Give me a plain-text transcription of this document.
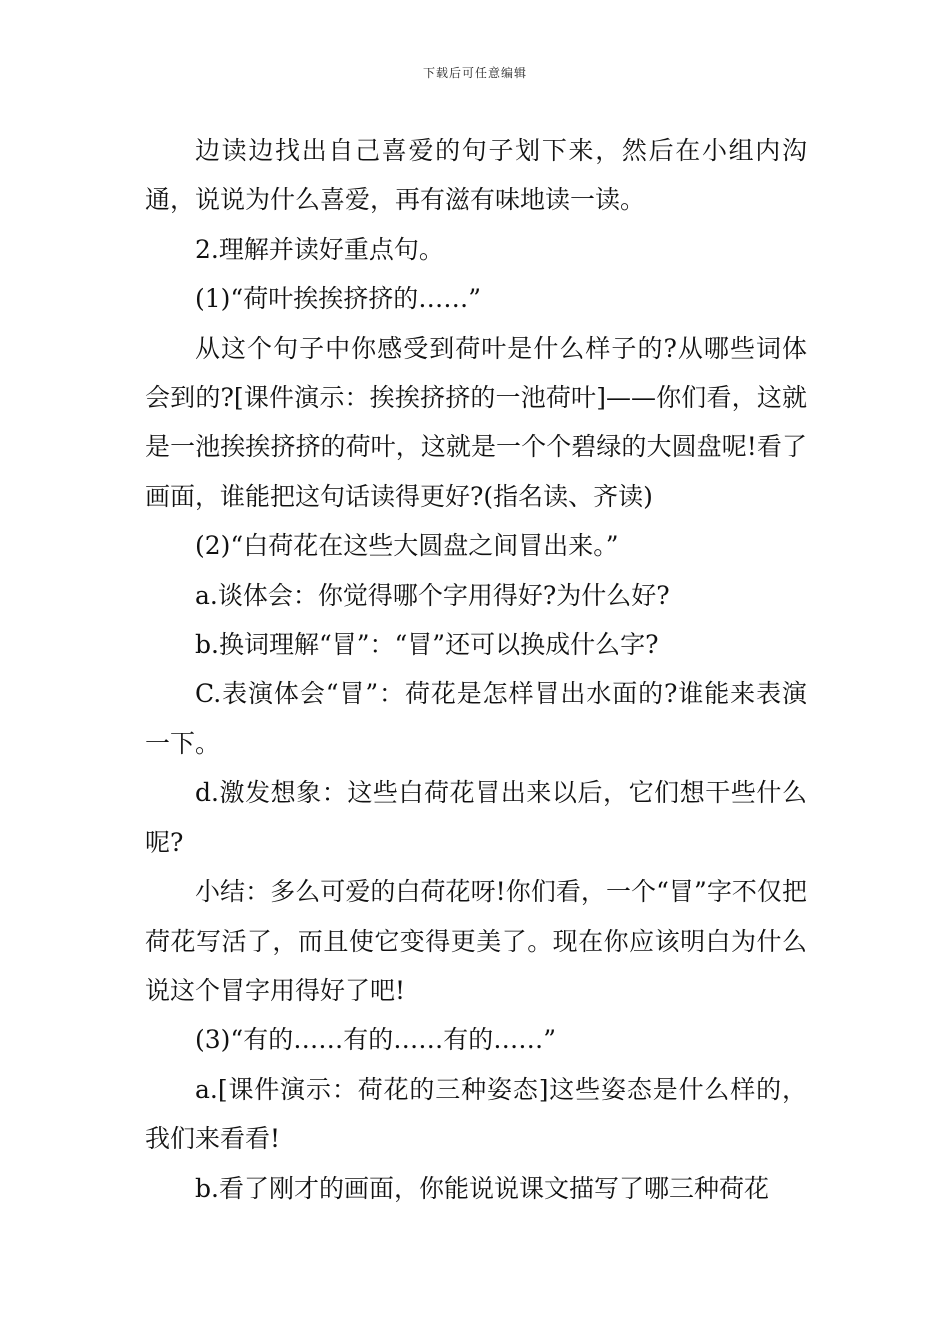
下载后可任意编辑

边读边找出自己喜爱的句子划下来，然后在小组内沟通，说说为什么喜爱，再有滋有味地读一读。

2.理解并读好重点句。

(1)“荷叶挨挨挤挤的……”

从这个句子中你感受到荷叶是什么样子的?从哪些词体会到的?[课件演示：挨挨挤挤的一池荷叶]——你们看，这就是一池挨挨挤挤的荷叶，这就是一个个碧绿的大圆盘呢!看了画面，谁能把这句话读得更好?(指名读、齐读)

(2)“白荷花在这些大圆盘之间冒出来。”

a.谈体会：你觉得哪个字用得好?为什么好?

b.换词理解“冒”：“冒”还可以换成什么字?

C.表演体会“冒”：荷花是怎样冒出水面的?谁能来表演一下。

d.激发想象：这些白荷花冒出来以后，它们想干些什么呢?

小结：多么可爱的白荷花呀!你们看，一个“冒”字不仅把荷花写活了，而且使它变得更美了。现在你应该明白为什么说这个冒字用得好了吧!

(3)“有的……有的……有的……”

a.[课件演示：荷花的三种姿态]这些姿态是什么样的，我们来看看!

b.看了刚才的画面，你能说说课文描写了哪三种荷花
